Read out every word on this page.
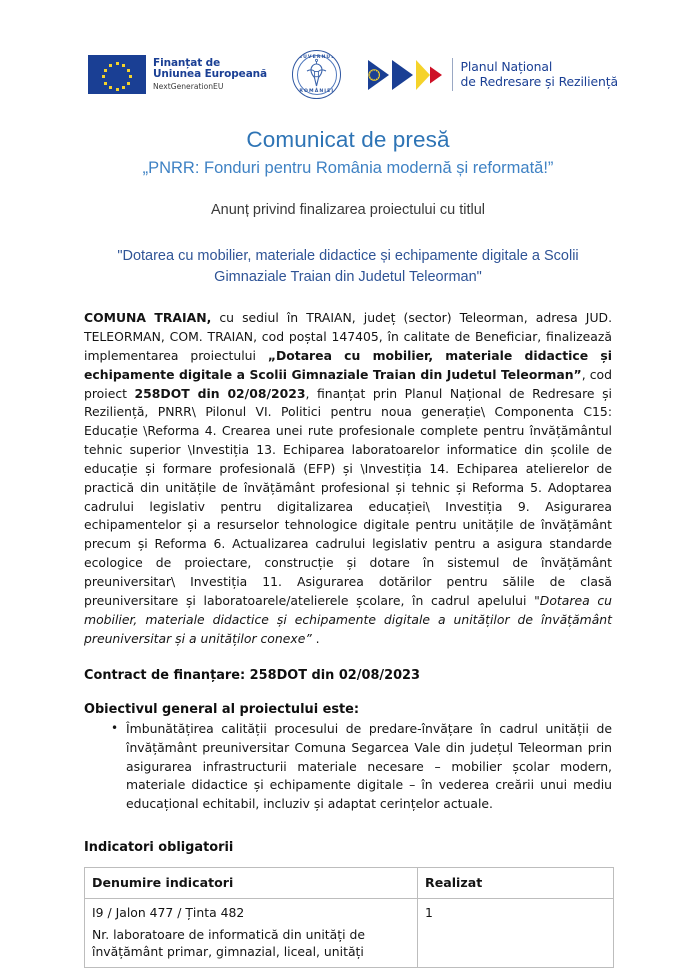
Finanțat de
Uniunea Europeană
NextGenerationEU

GUVERNUL
ROMÂNIEI
Planul Național
de Redresare și Reziliență
Comunicat de presă
„PNRR: Fonduri pentru România modernă și reformată!”

Anunț privind finalizarea proiectului cu titlul

"Dotarea cu mobilier, materiale didactice și echipamente digitale a Scolii
Gimnaziale Traian din Judetul Teleorman"

COMUNA TRAIAN, cu sediul în TRAIAN, județ (sector) Teleorman, adresa JUD. TELEORMAN, COM. TRAIAN, cod poștal 147405, în calitate de Beneficiar, finalizează implementarea proiectului „Dotarea cu mobilier, materiale didactice și echipamente digitale a Scolii Gimnaziale Traian din Judetul Teleorman”, cod proiect 258DOT din 02/08/2023, finanțat prin Planul Național de Redresare și Reziliență, PNRR\ Pilonul VI. Politici pentru noua generație\ Componenta C15: Educație \Reforma 4. Crearea unei rute profesionale complete pentru învățământul tehnic superior \Investiția 13. Echiparea laboratoarelor informatice din școlile de educație și formare profesională (EFP) și \Investiția 14. Echiparea atelierelor de practică din unitățile de învățământ profesional și tehnic și Reforma 5. Adoptarea cadrului legislativ pentru digitalizarea educației\ Investiția 9. Asigurarea echipamentelor și a resurselor tehnologice digitale pentru unitățile de învățământ precum și Reforma 6. Actualizarea cadrului legislativ pentru a asigura standarde ecologice de proiectare, construcție și dotare în sistemul de învățământ preuniversitar\ Investiția 11. Asigurarea dotărilor pentru sălile de clasă preuniversitare și laboratoarele/atelierele școlare, în cadrul apelului "Dotarea cu mobilier, materiale didactice și echipamente digitale a unităților de învățământ preuniversitar și a unităților conexe” .

Contract de finanțare: 258DOT din 02/08/2023

Obiectivul general al proiectului este:

• Îmbunătățirea calității procesului de predare-învățare în cadrul unității de învățământ preuniversitar Comuna Segarcea Vale din județul Teleorman prin asigurarea infrastructurii materiale necesare – mobilier școlar modern, materiale didactice și echipamente digitale – în vederea creării unui mediu educațional echitabil, incluziv și adaptat cerințelor actuale.

Indicatori obligatorii

Denumire indicatori	Realizat

I9 / Jalon 477 / Ținta 482
Nr. laboratoare de informatică din unități de învățământ primar, gimnazial, liceal, unități	1
